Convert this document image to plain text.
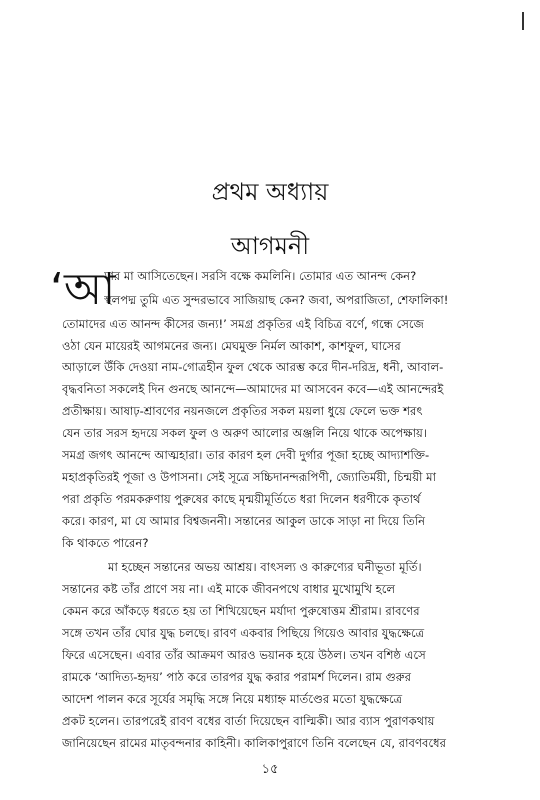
প্রথম অধ্যায়
আগমনী
‘আ
মার মা আসিতেছেন। সরসি বক্ষে কমলিনি। তোমার এত আনন্দ কেন?
স্থলপদ্ম তুমি এত সুন্দরভাবে সাজিয়াছ কেন? জবা, অপরাজিতা, শেফালিকা!
তোমাদের এত আনন্দ কীসের জন্য!’ সমগ্র প্রকৃতির এই বিচিত্র বর্ণে, গন্ধে সেজে
ওঠা যেন মায়েরই আগমনের জন্য। মেঘমুক্ত নির্মল আকাশ, কাশফুল, ঘাসের
আড়ালে উঁকি দেওয়া নাম-গোত্রহীন ফুল থেকে আরম্ভ করে দীন-দরিদ্র, ধনী, আবাল-
বৃদ্ধবনিতা সকলেই দিন গুনছে আনন্দে—আমাদের মা আসবেন কবে—এই আনন্দেরই
প্রতীক্ষায়। আষাঢ়-শ্রাবণের নয়নজলে প্রকৃতির সকল ময়লা ধুয়ে ফেলে ভক্ত শরৎ
যেন তার সরস হৃদয়ে সকল ফুল ও অরুণ আলোর অঞ্জলি নিয়ে থাকে অপেক্ষায়।
সমগ্র জগৎ আনন্দে আত্মহারা। তার কারণ হল দেবী দুর্গার পূজা হচ্ছে আদ্যাশক্তি-
মহাপ্রকৃতিরই পূজা ও উপাসনা। সেই সূত্রে সচ্চিদানন্দরূপিণী, জ্যোতির্ময়ী, চিন্ময়ী মা
পরা প্রকৃতি পরমকরুণায় পুরুষের কাছে মৃন্ময়ীমূর্তিতে ধরা দিলেন ধরণীকে কৃতার্থ
করে। কারণ, মা যে আমার বিশ্বজননী। সন্তানের আকুল ডাকে সাড়া না দিয়ে তিনি
কি থাকতে পারেন?
মা হচ্ছেন সন্তানের অভয় আশ্রয়। বাৎসল্য ও কারুণ্যের ঘনীভূতা মূর্তি।
সন্তানের কষ্ট তাঁর প্রাণে সয় না। এই মাকে জীবনপথে বাধার মুখোমুখি হলে
কেমন করে আঁকড়ে ধরতে হয় তা শিখিয়েছেন মর্যাদা পুরুষোত্তম শ্রীরাম। রাবণের
সঙ্গে তখন তাঁর ঘোর যুদ্ধ চলছে। রাবণ একবার পিছিয়ে গিয়েও আবার যুদ্ধক্ষেত্রে
ফিরে এসেছেন। এবার তাঁর আক্রমণ আরও ভয়ানক হয়ে উঠল। তখন বশিষ্ঠ এসে
রামকে ‘আদিত্য-হৃদয়’ পাঠ করে তারপর যুদ্ধ করার পরামর্শ দিলেন। রাম গুরুর
আদেশ পালন করে সূর্যের সমৃদ্ধি সঙ্গে নিয়ে মধ্যাহ্ন মার্তণ্ডের মতো যুদ্ধক্ষেত্রে
প্রকট হলেন। তারপরেই রাবণ বধের বার্তা দিয়েছেন বাল্মিকী। আর ব্যাস পুরাণকথায়
জানিয়েছেন রামের মাতৃবন্দনার কাহিনী। কালিকাপুরাণে তিনি বলেছেন যে, রাবণবধের
১৫
